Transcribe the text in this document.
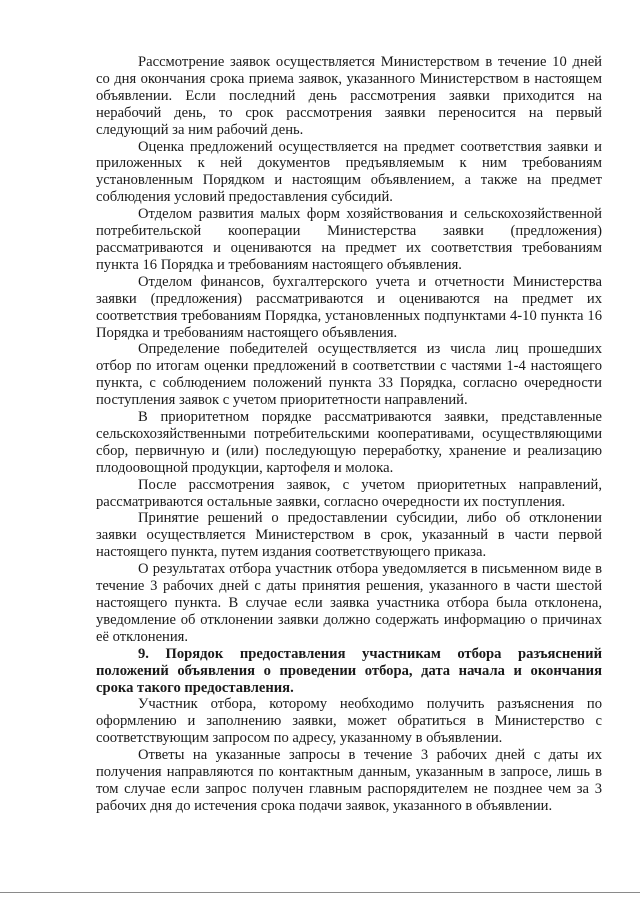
Рассмотрение заявок осуществляется Министерством в течение 10 дней со дня окончания срока приема заявок, указанного Министерством в настоящем объявлении. Если последний день рассмотрения заявки приходится на нерабочий день, то срок рассмотрения заявки переносится на первый следующий за ним рабочий день.

Оценка предложений осуществляется на предмет соответствия заявки и приложенных к ней документов предъявляемым к ним требованиям установленным Порядком и настоящим объявлением, а также на предмет соблюдения условий предоставления субсидий.

Отделом развития малых форм хозяйствования и сельскохозяйственной потребительской кооперации Министерства заявки (предложения) рассматриваются и оцениваются на предмет их соответствия требованиям пункта 16 Порядка и требованиям настоящего объявления.

Отделом финансов, бухгалтерского учета и отчетности Министерства заявки (предложения) рассматриваются и оцениваются на предмет их соответствия требованиям Порядка, установленных подпунктами 4-10 пункта 16 Порядка и требованиям настоящего объявления.

Определение победителей осуществляется из числа лиц прошедших отбор по итогам оценки предложений в соответствии с частями 1-4 настоящего пункта, с соблюдением положений пункта 33 Порядка, согласно очередности поступления заявок с учетом приоритетности направлений.

В приоритетном порядке рассматриваются заявки, представленные сельскохозяйственными потребительскими кооперативами, осуществляющими сбор, первичную и (или) последующую переработку, хранение и реализацию плодоовощной продукции, картофеля и молока.

После рассмотрения заявок, с учетом приоритетных направлений, рассматриваются остальные заявки, согласно очередности их поступления.

Принятие решений о предоставлении субсидии, либо об отклонении заявки осуществляется Министерством в срок, указанный в части первой настоящего пункта, путем издания соответствующего приказа.

О результатах отбора участник отбора уведомляется в письменном виде в течение 3 рабочих дней с даты принятия решения, указанного в части шестой настоящего пункта. В случае если заявка участника отбора была отклонена, уведомление об отклонении заявки должно содержать информацию о причинах её отклонения.

9. Порядок предоставления участникам отбора разъяснений положений объявления о проведении отбора, дата начала и окончания срока такого предоставления.

Участник отбора, которому необходимо получить разъяснения по оформлению и заполнению заявки, может обратиться в Министерство с соответствующим запросом по адресу, указанному в объявлении.

Ответы на указанные запросы в течение 3 рабочих дней с даты их получения направляются по контактным данным, указанным в запросе, лишь в том случае если запрос получен главным распорядителем не позднее чем за 3 рабочих дня до истечения срока подачи заявок, указанного в объявлении.
